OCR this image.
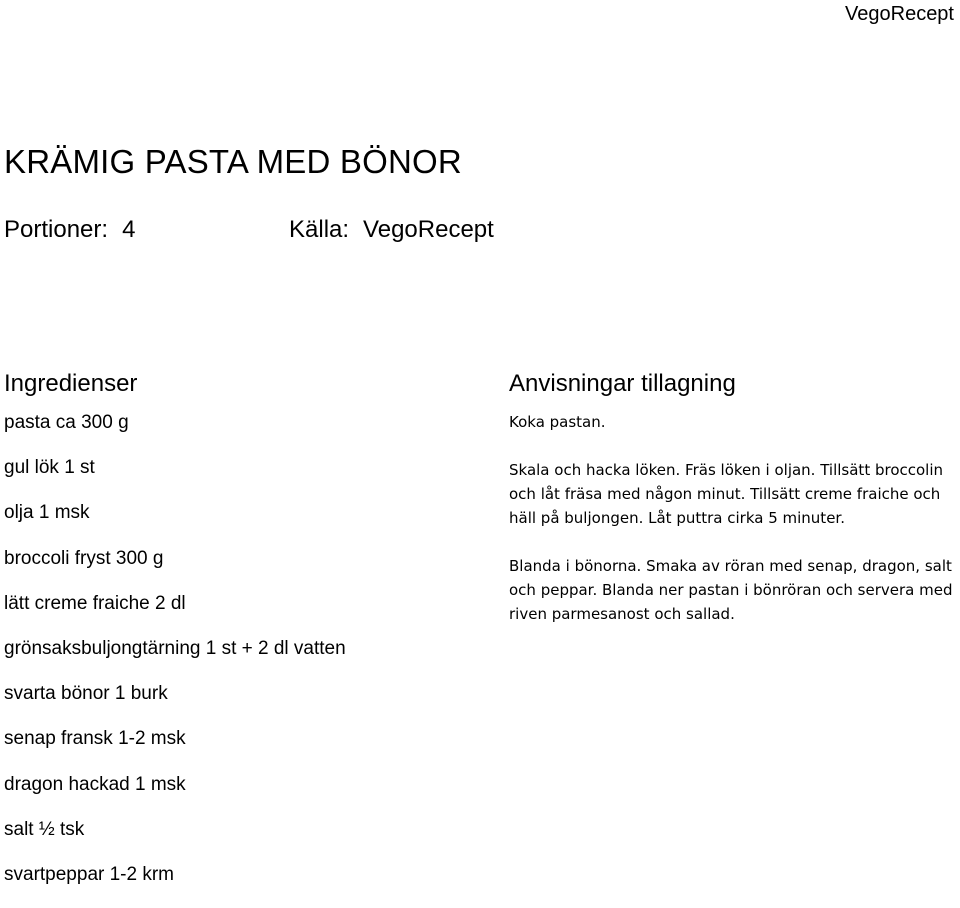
VegoRecept
KRÄMIG PASTA MED BÖNOR
Portioner: 4	Källa: VegoRecept
Ingredienser
pasta ca 300 g
gul lök 1 st
olja 1 msk
broccoli fryst 300 g
lätt creme fraiche 2 dl
grönsaksbuljongtärning 1 st + 2 dl vatten
svarta bönor 1 burk
senap fransk 1-2 msk
dragon hackad 1 msk
salt ½ tsk
svartpeppar 1-2 krm
Anvisningar tillagning

Koka pastan.

Skala och hacka löken. Fräs löken i oljan. Tillsätt broccolin och låt fräsa med någon minut. Tillsätt creme fraiche och häll på buljongen. Låt puttra cirka 5 minuter.

Blanda i bönorna. Smaka av röran med senap, dragon, salt och peppar. Blanda ner pastan i bönröran och servera med riven parmesanost och sallad.
